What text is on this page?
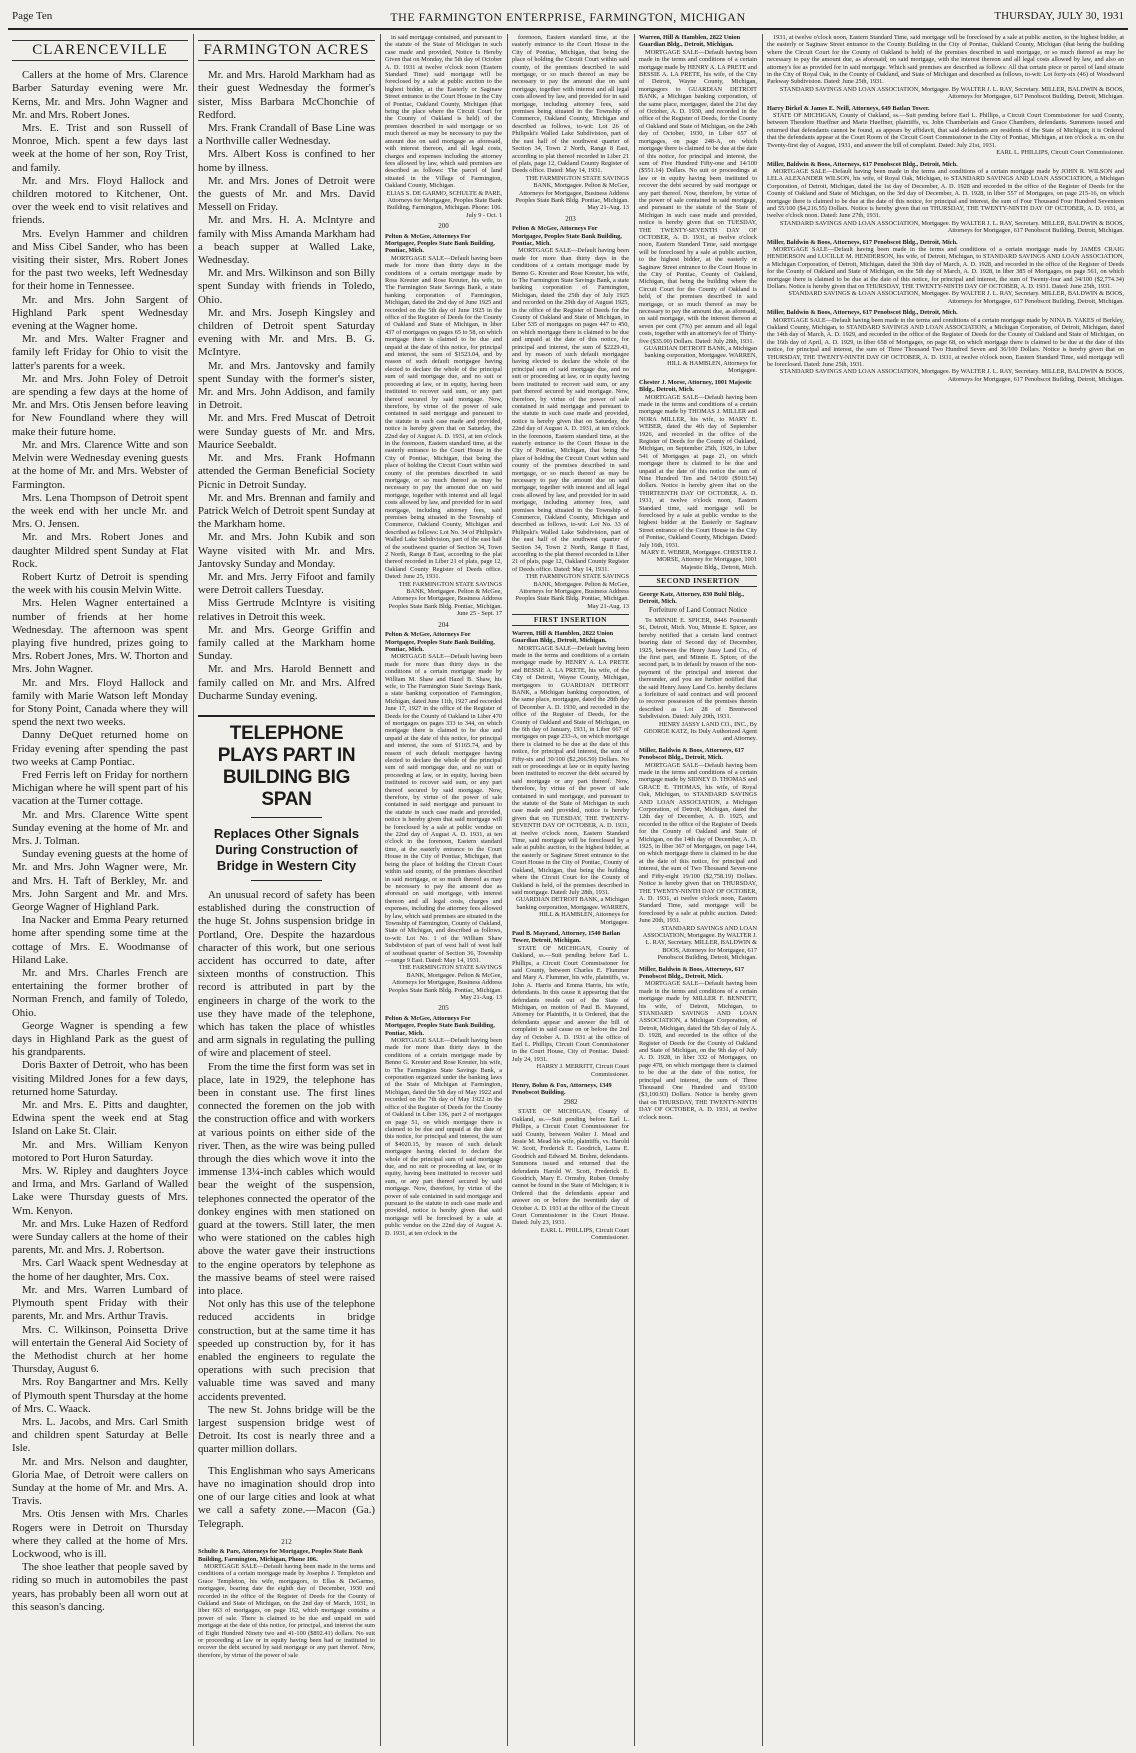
Page Ten	THE FARMINGTON ENTERPRISE, FARMINGTON, MICHIGAN	THURSDAY, JULY 30, 1931
CLARENCEVILLE

Callers at the home of Mrs. Clarence Barber Saturday evening were Mr. Kerns, Mr. and Mrs. John Wagner and Mr. and Mrs. Robert Jones.

Mrs. E. Trist and son Russell of Monroe, Mich. spent a few days last week at the home of her son, Roy Trist, and family.

Mr. and Mrs. Floyd Hallock and children motored to Kitchener, Ont. over the week end to visit relatives and friends.

Mrs. Evelyn Hammer and children and Miss Cibel Sander, who has been visiting their sister, Mrs. Robert Jones for the past two weeks, left Wednesday for their home in Tennessee.

Mr. and Mrs. John Sargent of Highland Park spent Wednesday evening at the Wagner home.

Mr. and Mrs. Walter Fragner and family left Friday for Ohio to visit the latter's parents for a week.

Mr. and Mrs. John Foley of Detroit are spending a few days at the home of Mr. and Mrs. Otis Jensen before leaving for New Foundland where they will make their future home.

Mr. and Mrs. Clarence Witte and son Melvin were Wednesday evening guests at the home of Mr. and Mrs. Webster of Farmington.

Mrs. Lena Thompson of Detroit spent the week end with her uncle Mr. and Mrs. O. Jensen.

Mr. and Mrs. Robert Jones and daughter Mildred spent Sunday at Flat Rock.

Robert Kurtz of Detroit is spending the week with his cousin Melvin Witte.

Mrs. Helen Wagner entertained a number of friends at her home Wednesday. The afternoon was spent playing five hundred, prizes going to Mrs. Robert Jones, Mrs. W. Thorton and Mrs. John Wagner.

Mr. and Mrs. Floyd Hallock and family with Marie Watson left Monday for Stony Point, Canada where they will spend the next two weeks.

Danny DeQuet returned home on Friday evening after spending the past two weeks at Camp Pontiac.

Fred Ferris left on Friday for northern Michigan where he will spent part of his vacation at the Turner cottage.

Mr. and Mrs. Clarence Witte spent Sunday evening at the home of Mr. and Mrs. J. Tolman.

Sunday evening guests at the home of Mr. and Mrs. John Wagner were, Mr. and Mrs. H. Taft of Berkley, Mr. and Mrs. John Sargent and Mr. and Mrs. George Wagner of Highland Park.

Ina Nacker and Emma Peary returned home after spending some time at the cottage of Mrs. E. Woodmanse of Hiland Lake.

Mr. and Mrs. Charles French are entertaining the former brother of Norman French, and family of Toledo, Ohio.

George Wagner is spending a few days in Highland Park as the guest of his grandparents.

Doris Baxter of Detroit, who has been visiting Mildred Jones for a few days, returned home Saturday.

Mr. and Mrs. E. Pitts and daughter, Edwina spent the week end at Stag Island on Lake St. Clair.

Mr. and Mrs. William Kenyon motored to Port Huron Saturday.

Mrs. W. Ripley and daughters Joyce and Irma, and Mrs. Garland of Walled Lake were Thursday guests of Mrs. Wm. Kenyon.

Mr. and Mrs. Luke Hazen of Redford were Sunday callers at the home of their parents, Mr. and Mrs. J. Robertson.

Mrs. Carl Waack spent Wednesday at the home of her daughter, Mrs. Cox.

Mr. and Mrs. Warren Lumbard of Plymouth spent Friday with their parents, Mr. and Mrs. Arthur Travis.

Mrs. C. Wilkinson, Poinsetta Drive will entertain the General Aid Society of the Methodist church at her home Thursday, August 6.

Mrs. Roy Bangartner and Mrs. Kelly of Plymouth spent Thursday at the home of Mrs. C. Waack.

Mrs. L. Jacobs, and Mrs. Carl Smith and children spent Saturday at Belle Isle.

Mr. and Mrs. Nelson and daughter, Gloria Mae, of Detroit were callers on Sunday at the home of Mr. and Mrs. A. Travis.

Mrs. Otis Jensen with Mrs. Charles Rogers were in Detroit on Thursday where they called at the home of Mrs. Lockwood, who is ill.

The shoe leather that people saved by riding so much in automobiles the past years, has probably been all worn out at this season's dancing.

FARMINGTON ACRES

Mr. and Mrs. Harold Markham had as their guest Wednesday the former's sister, Miss Barbara McChonchie of Redford.

Mrs. Frank Crandall of Base Line was a Northville caller Wednesday.

Mrs. Albert Koss is confined to her home by illness.

Mr. and Mrs. Jones of Detroit were the guests of Mr. and Mrs. David Messell on Friday.

Mr. and Mrs. H. A. McIntyre and family with Miss Amanda Markham had a beach supper at Walled Lake, Wednesday.

Mr. and Mrs. Wilkinson and son Billy spent Sunday with friends in Toledo, Ohio.

Mr. and Mrs. Joseph Kingsley and children of Detroit spent Saturday evening with Mr. and Mrs. B. G. McIntyre.

Mr. and Mrs. Jantovsky and family spent Sunday with the former's sister, Mr. and Mrs. John Addison, and family in Detroit.

Mr. and Mrs. Fred Muscat of Detroit were Sunday guests of Mr. and Mrs. Maurice Seebaldt.

Mr. and Mrs. Frank Hofmann attended the German Beneficial Society Picnic in Detroit Sunday.

Mr. and Mrs. Brennan and family and Patrick Welch of Detroit spent Sunday at the Markham home.

Mr. and Mrs. John Kubik and son Wayne visited with Mr. and Mrs. Jantovsky Sunday and Monday.

Mr. and Mrs. Jerry Fifoot and family were Detroit callers Tuesday.

Miss Gertrude McIntyre is visiting relatives in Detroit this week.

Mr. and Mrs. George Griffin and family called at the Markham home Sunday.

Mr. and Mrs. Harold Bennett and family called on Mr. and Mrs. Alfred Ducharme Sunday evening.

TELEPHONE PLAYS PART IN BUILDING BIG SPAN
Replaces Other Signals During Construction of Bridge in Western City

An unusual record of safety has been established during the construction of the huge St. Johns suspension bridge in Portland, Ore. Despite the hazardous character of this work, but one serious accident has occurred to date, after sixteen months of construction. This record is attributed in part by the engineers in charge of the work to the use they have made of the telephone, which has taken the place of whistles and arm signals in regulating the pulling of wire and placement of steel.

From the time the first form was set in place, late in 1929, the telephone has been in constant use. The first lines connected the foremen on the job with the construction office and with workers at various points on either side of the river. Then, as the wire was being pulled through the dies which wove it into the immense 13¼-inch cables which would bear the weight of the suspension, telephones connected the operator of the donkey engines with men stationed on guard at the towers. Still later, the men who were stationed on the cables high above the water gave their instructions to the engine operators by telephone as the massive beams of steel were raised into place.

Not only has this use of the telephone reduced accidents in bridge construction, but at the same time it has speeded up construction by, for it has enabled the engineers to regulate the operations with such precision that valuable time was saved and many accidents prevented.

The new St. Johns bridge will be the largest suspension bridge west of Detroit. Its cost is nearly three and a quarter million dollars.

This Englishman who says Americans have no imagination should drop into one of our large cities and look at what we call a safety zone.—Macon (Ga.) Telegraph.

212

Schulte & Pare, Attorneys for Mortgagee, Peoples State Bank Building, Farmington, Michigan, Phone 106.

MORTGAGE SALE—Default having been made in the terms and conditions of a certain mortgage made by Josephus J. Templeton and Grace Templeton, his wife, mortgagors, to Ellas & DeGarmo, mortgagee, bearing date the eighth day of December, 1930 and recorded in the office of the Register of Deeds for the County of Oakland and State of Michigan, on the 2nd day of March, 1931, in liber 663 of mortgages, on page 162, which mortgage contains a power of sale. There is claimed to be due and unpaid on said mortgage at the date of this notice, for principal, and interest the sum of Eight Hundred Ninety two and 41-100 ($892.41) dollars. No suit or proceeding at law or in equity having been had or instituted to recover the debt secured by said mortgage or any part thereof. Now, therefore, by virtue of the power of sale

in said mortgage contained, and pursuant to the statute of the State of Michigan in such case made and provided, Notice Is Hereby Given that on Monday, the 5th day of October A. D. 1931 at twelve o'clock noon (Eastern Standard Time) said mortgage will be foreclosed by a sale at public auction to the highest bidder, at the Easterly or Saginaw Street entrance to the Court House in the City of Pontiac, Oakland County, Michigan (that being the place where the Circuit Court for the County of Oakland is held) of the premises described in said mortgage or so much thereof as may be necessary to pay the amount due on said mortgage as aforesaid, with interest thereon, and all legal costs, charges and expenses including the attorney fees allowed by law, which said premises are described as follows: The parcel of land situated in the Village of Farmington, Oakland County, Michigan.

ELIAS S. DE GARMO, SCHULTE & PARE, Attorneys for Mortgagee, Peoples State Bank Building, Farmington, Michigan. Phone: 106.

July 9 - Oct. 1

200

Pelton & McGee, Attorneys For Mortgagee, Peoples State Bank Building, Pontiac, Mich.

MORTGAGE SALE—Default having been made for more than thirty days in the conditions of a certain mortgage made by Ross Kreuter and Rose Kreuter, his wife, to The Farmington State Savings Bank, a state banking corporation of Farmington, Michigan, dated the 2nd day of June 1925 and recorded on the 5th day of June 1925 in the office of the Register of Deeds for the County of Oakland and State of Michigan, in liber 437 of mortgages on pages 65 to 58, on which mortgage there is claimed to be due and unpaid at the date of this notice, for principal and interest, the sum of $1523.04, and by reason of such default mortgagee having elected to declare the whole of the principal sum of said mortgage due, and no suit or proceeding at law, or in equity, having been instituted to recover said sum, or any part thereof secured by said mortgage. Now, therefore, by virtue of the power of sale contained in said mortgage and pursuant to the statute in such case made and provided, notice is hereby given that on Saturday, the 22nd day of August A. D. 1931, at ten o'clock in the forenoon, Eastern standard time, at the easterly entrance to the Court House in the City of Pontiac, Michigan, that being the place of holding the Circuit Court within said county of the premises described in said mortgage, or so much thereof as may be necessary to pay the amount due on said mortgage, together with interest and all legal costs allowed by law, and provided for in said mortgage, including attorney fees, said premises being situated in the Township of Commerce, Oakland County, Michigan and described as follows: Lot No. 34 of Philipski's Walled Lake Subdivision, part of the east half of the southwest quarter of Section 34, Town 2 North, Range 8 East, according to the plat thereof recorded in Liber 21 of plats, page 12, Oakland County Register of Deeds office. Dated: June 25, 1931.

THE FARMINGTON STATE SAVINGS BANK, Mortgagee. Pelton & McGee, Attorneys for Mortgagee, Business Address Peoples State Bank Bldg. Pontiac, Michigan.

June 25 - Sept. 17

204

Pelton & McGee, Attorneys For Mortgagee, Peoples State Bank Building, Pontiac, Mich.

MORTGAGE SALE—Default having been made for more than thirty days in the conditions of a certain mortgage made by William M. Shaw and Hazel B. Shaw, his wife, to The Farmington State Savings Bank, a state banking corporation of Farmington, Michigan, dated June 11th, 1927 and recorded June 17, 1927 in the office of the Register of Deeds for the County of Oakland in Liber 470 of mortgages on pages 333 to 344, on which mortgage there is claimed to be due and unpaid at the date of this notice, for principal and interest, the sum of $1165.74, and by reason of such default mortgagee having elected to declare the whole of the principal sum of said mortgage due, and no suit or proceeding at law, or in equity, having been instituted to recover said sum, or any part thereof secured by said mortgage. Now, therefore, by virtue of the power of sale contained in said mortgage and pursuant to the statute in such case made and provided, notice is hereby given that said mortgage will be foreclosed by a sale at public vendue on the 22nd day of August A. D. 1931, at ten o'clock in the forenoon, Eastern standard time, at the easterly entrance to the Court House in the City of Pontiac, Michigan, that being the place of holding the Circuit Court within said county, of the premises described in said mortgage, or so much thereof as may be necessary to pay the amount due as aforesaid on said mortgage, with interest thereon and all legal costs, charges and expenses, including the attorney fees allowed by law, which said premises are situated in the Township of Farmington, County of Oakland, State of Michigan, and described as follows, to-wit: Lot No. 1 of the William Shaw Subdivision of part of west half of west half of southeast quarter of Section 36, Township—range 9 East. Dated: May 14, 1931.

THE FARMINGTON STATE SAVINGS BANK, Mortgagee. Pelton & McGee, Attorneys for Mortgagee, Business Address Peoples State Bank Bldg. Pontiac, Michigan.

May 21-Aug. 13

205

Pelton & McGee, Attorneys For Mortgagee, Peoples State Bank Building, Pontiac, Mich.

MORTGAGE SALE—Default having been made for more than thirty days in the conditions of a certain mortgage made by Benno G. Kreuter and Rose Kreuter, his wife, to The Farmington State Savings Bank, a corporation organized under the banking laws of the State of Michigan at Farmington, Michigan, dated the 5th day of May 1922 and recorded on the 7th day of May 1922 in the office of the Register of Deeds for the County of Oakland in Liber 136, part 2 of mortgages on page 51, on which mortgage there is claimed to be due and unpaid at the date of this notice, for principal and interest, the sum of $4020.15, by reason of such default mortgagee having elected to declare the whole of the principal sum of said mortgage due, and no suit or proceeding at law, or in equity, having been instituted to recover said sum, or any part thereof secured by said mortgage. Now, therefore, by virtue of the power of sale contained in said mortgage and pursuant to the statute in such case made and provided, notice is hereby given that said mortgage will be foreclosed by a sale at public vendue on the 22nd day of August A. D. 1931, at ten o'clock in the

forenoon, Eastern standard time, at the easterly entrance to the Court House in the City of Pontiac, Michigan, that being the place of holding the Circuit Court within said county, of the premises described in said mortgage, or so much thereof as may be necessary to pay the amount due on said mortgage, together with interest and all legal costs allowed by law, and provided for in said mortgage, including attorney fees, said premises being situated in the Township of Commerce, Oakland County, Michigan and described as follows, to-wit: Lot 26 of Philipski's Walled Lake Subdivision, part of the east half of the southwest quarter of Section 34, Town 2 North, Range 8 East, according to plat thereof recorded in Liber 21 of plats, page 12, Oakland County Register of Deeds office. Dated: May 14, 1931.

THE FARMINGTON STATE SAVINGS BANK, Mortgagee. Pelton & McGee, Attorneys for Mortgagee, Business Address Peoples State Bank Bldg. Pontiac, Michigan.

May 21-Aug. 13

203

Pelton & McGee, Attorneys For Mortgagee, Peoples State Bank Building, Pontiac, Mich.

MORTGAGE SALE—Default having been made for more than thirty days in the conditions of a certain mortgage made by Benno G. Kreuter and Rose Kreuter, his wife, to The Farmington State Savings Bank, a state banking corporation of Farmington, Michigan, dated the 25th day of July 1925 and recorded on the 29th day of August 1925, in the office of the Register of Deeds for the County of Oakland and State of Michigan, in Liber 535 of mortgages on pages 447 to 450, on which mortgage there is claimed to be due and unpaid at the date of this notice, for principal and interest, the sum of $2229.43, and by reason of such default mortgagee having elected to declare the whole of the principal sum of said mortgage due, and no suit or proceeding at law, or in equity having been instituted to recover said sum, or any part thereof secured by said mortgage. Now, therefore, by virtue of the power of sale contained in said mortgage and pursuant to the statute in such case made and provided, notice is hereby given that on Saturday, the 22nd day of August A. D. 1931, at ten o'clock in the forenoon, Eastern standard time, at the easterly entrance to the Court House in the City of Pontiac, Michigan, that being the place of holding the Circuit Court within said county of the premises described in said mortgage, or so much thereof as may be necessary to pay the amount due on said mortgage, together with interest and all legal costs allowed by law, and provided for in said mortgage, including attorney fees, said premises being situated in the Township of Commerce, Oakland County, Michigan and described as follows, to-wit: Lot No. 33 of Philipski's Walled Lake Subdivision, part of the east half of the southwest quarter of Section 34, Town 2 North, Range 8 East, according to the plat thereof recorded in Liber 21 of plats, page 12, Oakland County Register of Deeds office. Dated: May 14, 1931.

THE FARMINGTON STATE SAVINGS BANK, Mortgagee. Pelton & McGee, Attorneys for Mortgagee, Business Address Peoples State Bank Bldg. Pontiac, Michigan.

May 21-Aug. 13

FIRST INSERTION

Warren, Hill & Hamblen, 2822 Union Guardian Bldg., Detroit, Michigan.

MORTGAGE SALE—Default having been made in the terms and conditions of a certain mortgage made by HENRY A. LA PRETE and BESSIE A. LA PRETE, his wife, of the City of Detroit, Wayne County, Michigan, mortgagors to GUARDIAN DETROIT BANK, a Michigan banking corporation, of the same place, mortgagee, dated the 28th day of December A. D. 1930, and recorded in the office of the Register of Deeds, for the County of Oakland and State of Michigan, on the 6th day of January, 1931, in Liber 667 of mortgages on page 233-A, on which mortgage there is claimed to be due at the date of this notice, for principal and interest, the sum of Fifty-six and 30/100 ($2,266.50) Dollars. No suit or proceedings at law or in equity having been instituted to recover the debt secured by said mortgage or any part thereof. Now, therefore, by virtue of the power of sale contained in said mortgage, and pursuant to the statute of the State of Michigan in such case made and provided, notice is hereby given that on TUESDAY, THE TWENTY-SEVENTH DAY OF OCTOBER, A. D. 1931, at twelve o'clock noon, Eastern Standard Time, said mortgage will be foreclosed by a sale at public auction, to the highest bidder, at the easterly or Saginaw Street entrance to the Court House in the City of Pontiac, County of Oakland, Michigan, that being the building where the Circuit Court for the County of Oakland is held, of the premises described in said mortgage. Dated: July 28th, 1931.

GUARDIAN DETROIT BANK, a Michigan banking corporation, Mortgagee. WARREN, HILL & HAMBLEN, Attorneys for Mortgagee.

Paul B. Mayrand, Attorney, 1540 Batlan Tower, Detroit, Michigan.

STATE OF MICHIGAN, County of Oakland, ss.—Suit pending before Earl L. Phillips, a Circuit Court Commissioner for said County, between Charles E. Flummer and Mary A. Flummer, his wife, plaintiffs, vs. John A. Harris and Emma Harris, his wife, defendants. In this cause it appearing that the defendants reside out of the State of Michigan, on motion of Paul B. Mayrand, Attorney for Plaintiffs, it is Ordered, that the defendants appear and answer the bill of complaint in said cause on or before the 2nd day of October A. D. 1931 at the office of Earl L. Phillips, Circuit Court Commissioner in the Court House, City of Pontiac. Dated: July 24, 1931.

HARRY J. MERRITT, Circuit Court Commissioner.

Henry, Bohm & Fox, Attorneys, 1349 Penobscot Building.

2982

STATE OF MICHIGAN, County of Oakland, ss.—Suit pending before Earl L. Phillips, a Circuit Court Commissioner for said County, between Walter J. Mead and Jessie M. Mead his wife, plaintiffs, vs. Harold W. Scott, Frederick E. Goodrich, Laura E. Goodrich and Edward M. Brehm, defendants. Summons issued and returned that the defendants Harold W. Scott, Frederick E. Goodrich, Mary E. Ormsby, Ruben Ormsby cannot be found in the State of Michigan; it is Ordered that the defendants appear and answer on or before the twentieth day of October A. D. 1931 at the office of the Circuit Court Commissioner in the Court House. Dated: July 23, 1931.

EARL L. PHILLIPS, Circuit Court Commissioner.

Warren, Hill & Hamblen, 2822 Union Guardian Bldg., Detroit, Michigan.

MORTGAGE SALE—Default having been made in the terms and conditions of a certain mortgage made by HENRY A. LA PRETE and BESSIE A. LA PRETE, his wife, of the City of Detroit, Wayne County, Michigan, mortgagors to GUARDIAN DETROIT BANK, a Michigan banking corporation, of the same place, mortgagee, dated the 21st day of October, A. D. 1930, and recorded in the office of the Register of Deeds, for the County of Oakland and State of Michigan, on the 24th day of October, 1930, in Liber 657 of mortgages, on page 248-A, on which mortgage there is claimed to be due at the date of this notice, for principal and interest, the sum of Five Hundred Fifty-one and 14/100 ($551.14) Dollars. No suit or proceedings at law or in equity having been instituted to recover the debt secured by said mortgage or any part thereof. Now, therefore, by virtue of the power of sale contained in said mortgage, and pursuant to the statute of the State of Michigan in such case made and provided, notice is hereby given that on TUESDAY, THE TWENTY-SEVENTH DAY OF OCTOBER, A. D. 1931, at twelve o'clock noon, Eastern Standard Time, said mortgage will be foreclosed by a sale at public auction, to the highest bidder, at the easterly or Saginaw Street entrance to the Court House in the City of Pontiac, County of Oakland, Michigan, that being the building where the Circuit Court for the County of Oakland is held, of the premises described in said mortgage, or so much thereof as may be necessary to pay the amount due, as aforesaid, on said mortgage, with the interest thereon at seven per cent (7%) per annum and all legal costs, together with an attorney's fee of Thirty-five ($35.00) Dollars. Dated: July 28th, 1931.

GUARDIAN DETROIT BANK, a Michigan banking corporation, Mortgagee. WARREN, HILL & HAMBLEN, Attorneys for Mortgagee.

Chester J. Morse, Attorney, 1001 Majestic Bldg., Detroit, Mich.

MORTGAGE SALE—Default having been made in the terms and conditions of a certain mortgage made by THOMAS J. MILLER and NORA MILLER, his wife, to MARY E. WEBER, dated the 4th day of September 1926, and recorded in the office of the Register of Deeds for the County of Oakland, Michigan, on September 25th, 1926, in Liber 541 of Mortgages at page 21, on which mortgage there is claimed to be due and unpaid at the date of this notice the sum of Nine Hundred Ten and 54/100 ($910.54) dollars. Notice is hereby given that on the THIRTEENTH DAY OF OCTOBER, A. D. 1931, at twelve o'clock noon, Eastern Standard time, said mortgage will be foreclosed by a sale at public vendue to the highest bidder at the Easterly or Saginaw Street entrance of the Court House in the City of Pontiac, Oakland County, Michigan. Dated: July 16th, 1931.

MARY E. WEBER, Mortgagee. CHESTER J. MORSE, Attorney for Mortgagee, 1001 Majestic Bldg., Detroit, Mich.

SECOND INSERTION

George Katz, Attorney, 830 Buhl Bldg., Detroit, Mich.

Forfeiture of Land Contract Notice

To MINNIE E. SPICER, 8446 Fourteenth St., Detroit, Mich. You, Minnie E. Spicer, are hereby notified that a certain land contract bearing date of Second day of December, 1925, between the Henry Jassy Land Co., of the first part, and Minnie E. Spicer, of the second part, is in default by reason of the non-payment of the principal and interest due thereunder, and you are further notified that the said Henry Jassy Land Co. hereby declares a forfeiture of said contract and will proceed to recover possession of the premises therein described as Lot 28 of Brentwood Subdivision. Dated: July 20th, 1931.

HENRY JASSY LAND CO., INC., By GEORGE KATZ, Its Duly Authorized Agent and Attorney.

Miller, Baldwin & Boos, Attorneys, 617 Penobscot Bldg., Detroit, Mich.

MORTGAGE SALE—Default having been made in the terms and conditions of a certain mortgage made by SIDNEY D. THOMAS and GRACE E. THOMAS, his wife, of Royal Oak, Michigan, to STANDARD SAVINGS AND LOAN ASSOCIATION, a Michigan Corporation, of Detroit, Michigan, dated the 12th day of December, A. D. 1925, and recorded in the office of the Register of Deeds for the County of Oakland and State of Michigan, on the 14th day of December, A. D. 1925, in liber 367 of Mortgages, on page 144, on which mortgage there is claimed to be due at the date of this notice, for principal and interest, the sum of Two Thousand Seven-one and Fifty-eight 19/100 ($2,758.19) Dollars. Notice is hereby given that on THURSDAY, THE TWENTY-NINTH DAY OF OCTOBER, A. D. 1931, at twelve o'clock noon, Eastern Standard Time, said mortgage will be foreclosed by a sale at public auction. Dated: June 20th, 1931.

STANDARD SAVINGS AND LOAN ASSOCIATION, Mortgagee. By WALTER J. L. RAY, Secretary. MILLER, BALDWIN & BOOS, Attorneys for Mortgagee, 617 Penobscot Building, Detroit, Michigan.

Miller, Baldwin & Boos, Attorneys, 617 Penobscot Bldg., Detroit, Mich.

MORTGAGE SALE—Default having been made in the terms and conditions of a certain mortgage made by MILLER F. BENNETT, his wife, of Detroit, Michigan, to STANDARD SAVINGS AND LOAN ASSOCIATION, a Michigan Corporation, of Detroit, Michigan, dated the 5th day of July A. D. 1928, and recorded in the office of the Register of Deeds for the County of Oakland and State of Michigan, on the 9th day of July A. D. 1928, in liber 332 of Mortgages, on page 478, on which mortgage there is claimed to be due at the date of this notice, for principal and interest, the sum of Three Thousand One Hundred and 93/100 ($3,100.93) Dollars. Notice is hereby given that on THURSDAY, THE TWENTY-NINTH DAY OF OCTOBER, A. D. 1931, at twelve o'clock noon.

1931, at twelve o'clock noon, Eastern Standard Time, said mortgage will be foreclosed by a sale at public auction, to the highest bidder, at the easterly or Saginaw Street entrance to the County Building in the City of Pontiac, Oakland County, Michigan (that being the building where the Circuit Court for the County of Oakland is held) of the premises described in said mortgage, or so much thereof as may be necessary to pay the amount due, as aforesaid, on said mortgage, with the interest thereon and all legal costs allowed by law, and also an attorney's fee as provided for in said mortgage. Which said premises are described as follows: All that certain piece or parcel of land situate in the City of Royal Oak, in the County of Oakland, and State of Michigan and described as follows, to-wit: Lot forty-six (46) of Woodward Parkway Subdivision. Dated: June 25th, 1931.

STANDARD SAVINGS AND LOAN ASSOCIATION, Mortgagee. By WALTER J. L. RAY, Secretary. MILLER, BALDWIN & BOOS, Attorneys for Mortgagee, 617 Penobscot Building, Detroit, Michigan.

Harry Birkel & James E. Neill, Attorneys, 649 Batlan Tower.

STATE OF MICHIGAN, County of Oakland, ss.—Suit pending before Earl L. Phillips, a Circuit Court Commissioner for said County, between Theodore Hueffner and Marie Hueffner, plaintiffs, vs. John Chamberlain and Grace Chambers, defendants. Summons issued and returned that defendants cannot be found, as appears by affidavit, that said defendants are residents of the State of Michigan; it is Ordered that the defendants appear at the Court Room of the Circuit Court Commissioner in the City of Pontiac, Michigan, at ten o'clock a. m. on the Twenty-first day of August, 1931, and answer the bill of complaint. Dated: July 21st, 1931.

EARL L. PHILLIPS, Circuit Court Commissioner.

Miller, Baldwin & Boos, Attorneys, 617 Penobscot Bldg., Detroit, Mich.

MORTGAGE SALE—Default having been made in the terms and conditions of a certain mortgage made by JOHN R. WILSON and LELA ALEXANDER WILSON, his wife, of Royal Oak, Michigan, to STANDARD SAVINGS AND LOAN ASSOCIATION, a Michigan Corporation, of Detroit, Michigan, dated the 1st day of December, A. D. 1928 and recorded in the office of the Register of Deeds for the County of Oakland and State of Michigan, on the 3rd day of December, A. D. 1928, in liber 557 of Mortgages, on page 215-16, on which mortgage there is claimed to be due at the date of this notice, for principal and interest, the sum of Four Thousand Four Hundred Seventeen and 55/100 ($4,216.55) Dollars. Notice is hereby given that on THURSDAY, THE TWENTY-NINTH DAY OF OCTOBER, A. D. 1931, at twelve o'clock noon. Dated: June 27th, 1931.

STANDARD SAVINGS AND LOAN ASSOCIATION, Mortgagee. By WALTER J. L. RAY, Secretary. MILLER, BALDWIN & BOOS, Attorneys for Mortgagee, 617 Penobscot Building, Detroit, Michigan.

Miller, Baldwin & Boos, Attorneys, 617 Penobscot Bldg., Detroit, Mich.

MORTGAGE SALE—Default having been made in the terms and conditions of a certain mortgage made by JAMES CRAIG HENDERSON and LUCILLE M. HENDERSON, his wife, of Detroit, Michigan, to STANDARD SAVINGS AND LOAN ASSOCIATION, a Michigan Corporation, of Detroit, Michigan, dated the 30th day of March, A. D. 1928, and recorded in the office of the Register of Deeds for the County of Oakland and State of Michigan, on the 5th day of March, A. D. 1928, in liber 385 of Mortgages, on page 561, on which mortgage there is claimed to be due at the date of this notice, for principal and interest, the sum of Twenty-four and 34/100 ($2,774.34) Dollars. Notice is hereby given that on THURSDAY, THE TWENTY-NINTH DAY OF OCTOBER, A. D. 1931. Dated: June 25th, 1931.

STANDARD SAVINGS & LOAN ASSOCIATION, Mortgagee. By WALTER J. L. RAY, Secretary. MILLER, BALDWIN & BOOS, Attorneys for Mortgagee, 617 Penobscot Building, Detroit, Michigan.

Miller, Baldwin & Boos, Attorneys, 617 Penobscot Bldg., Detroit, Mich.

MORTGAGE SALE—Default having been made in the terms and conditions of a certain mortgage made by NINA B. YAKES of Berkley, Oakland County, Michigan, to STANDARD SAVINGS AND LOAN ASSOCIATION, a Michigan Corporation, of Detroit, Michigan, dated the 14th day of March, A. D. 1929, and recorded in the office of the Register of Deeds for the County of Oakland and State of Michigan, on the 16th day of April, A. D. 1929, in liber 658 of Mortgages, on page 68, on which mortgage there is claimed to be due at the date of this notice, for principal and interest, the sum of Three Thousand Two Hundred Seven and 36/100 Dollars. Notice is hereby given that on THURSDAY, THE TWENTY-NINTH DAY OF OCTOBER, A. D. 1931, at twelve o'clock noon, Eastern Standard Time, said mortgage will be foreclosed. Dated: June 25th, 1931.

STANDARD SAVINGS AND LOAN ASSOCIATION, Mortgagee. By WALTER J. L. RAY, Secretary. MILLER, BALDWIN & BOOS, Attorneys for Mortgagee, 617 Penobscot Building, Detroit, Michigan.
